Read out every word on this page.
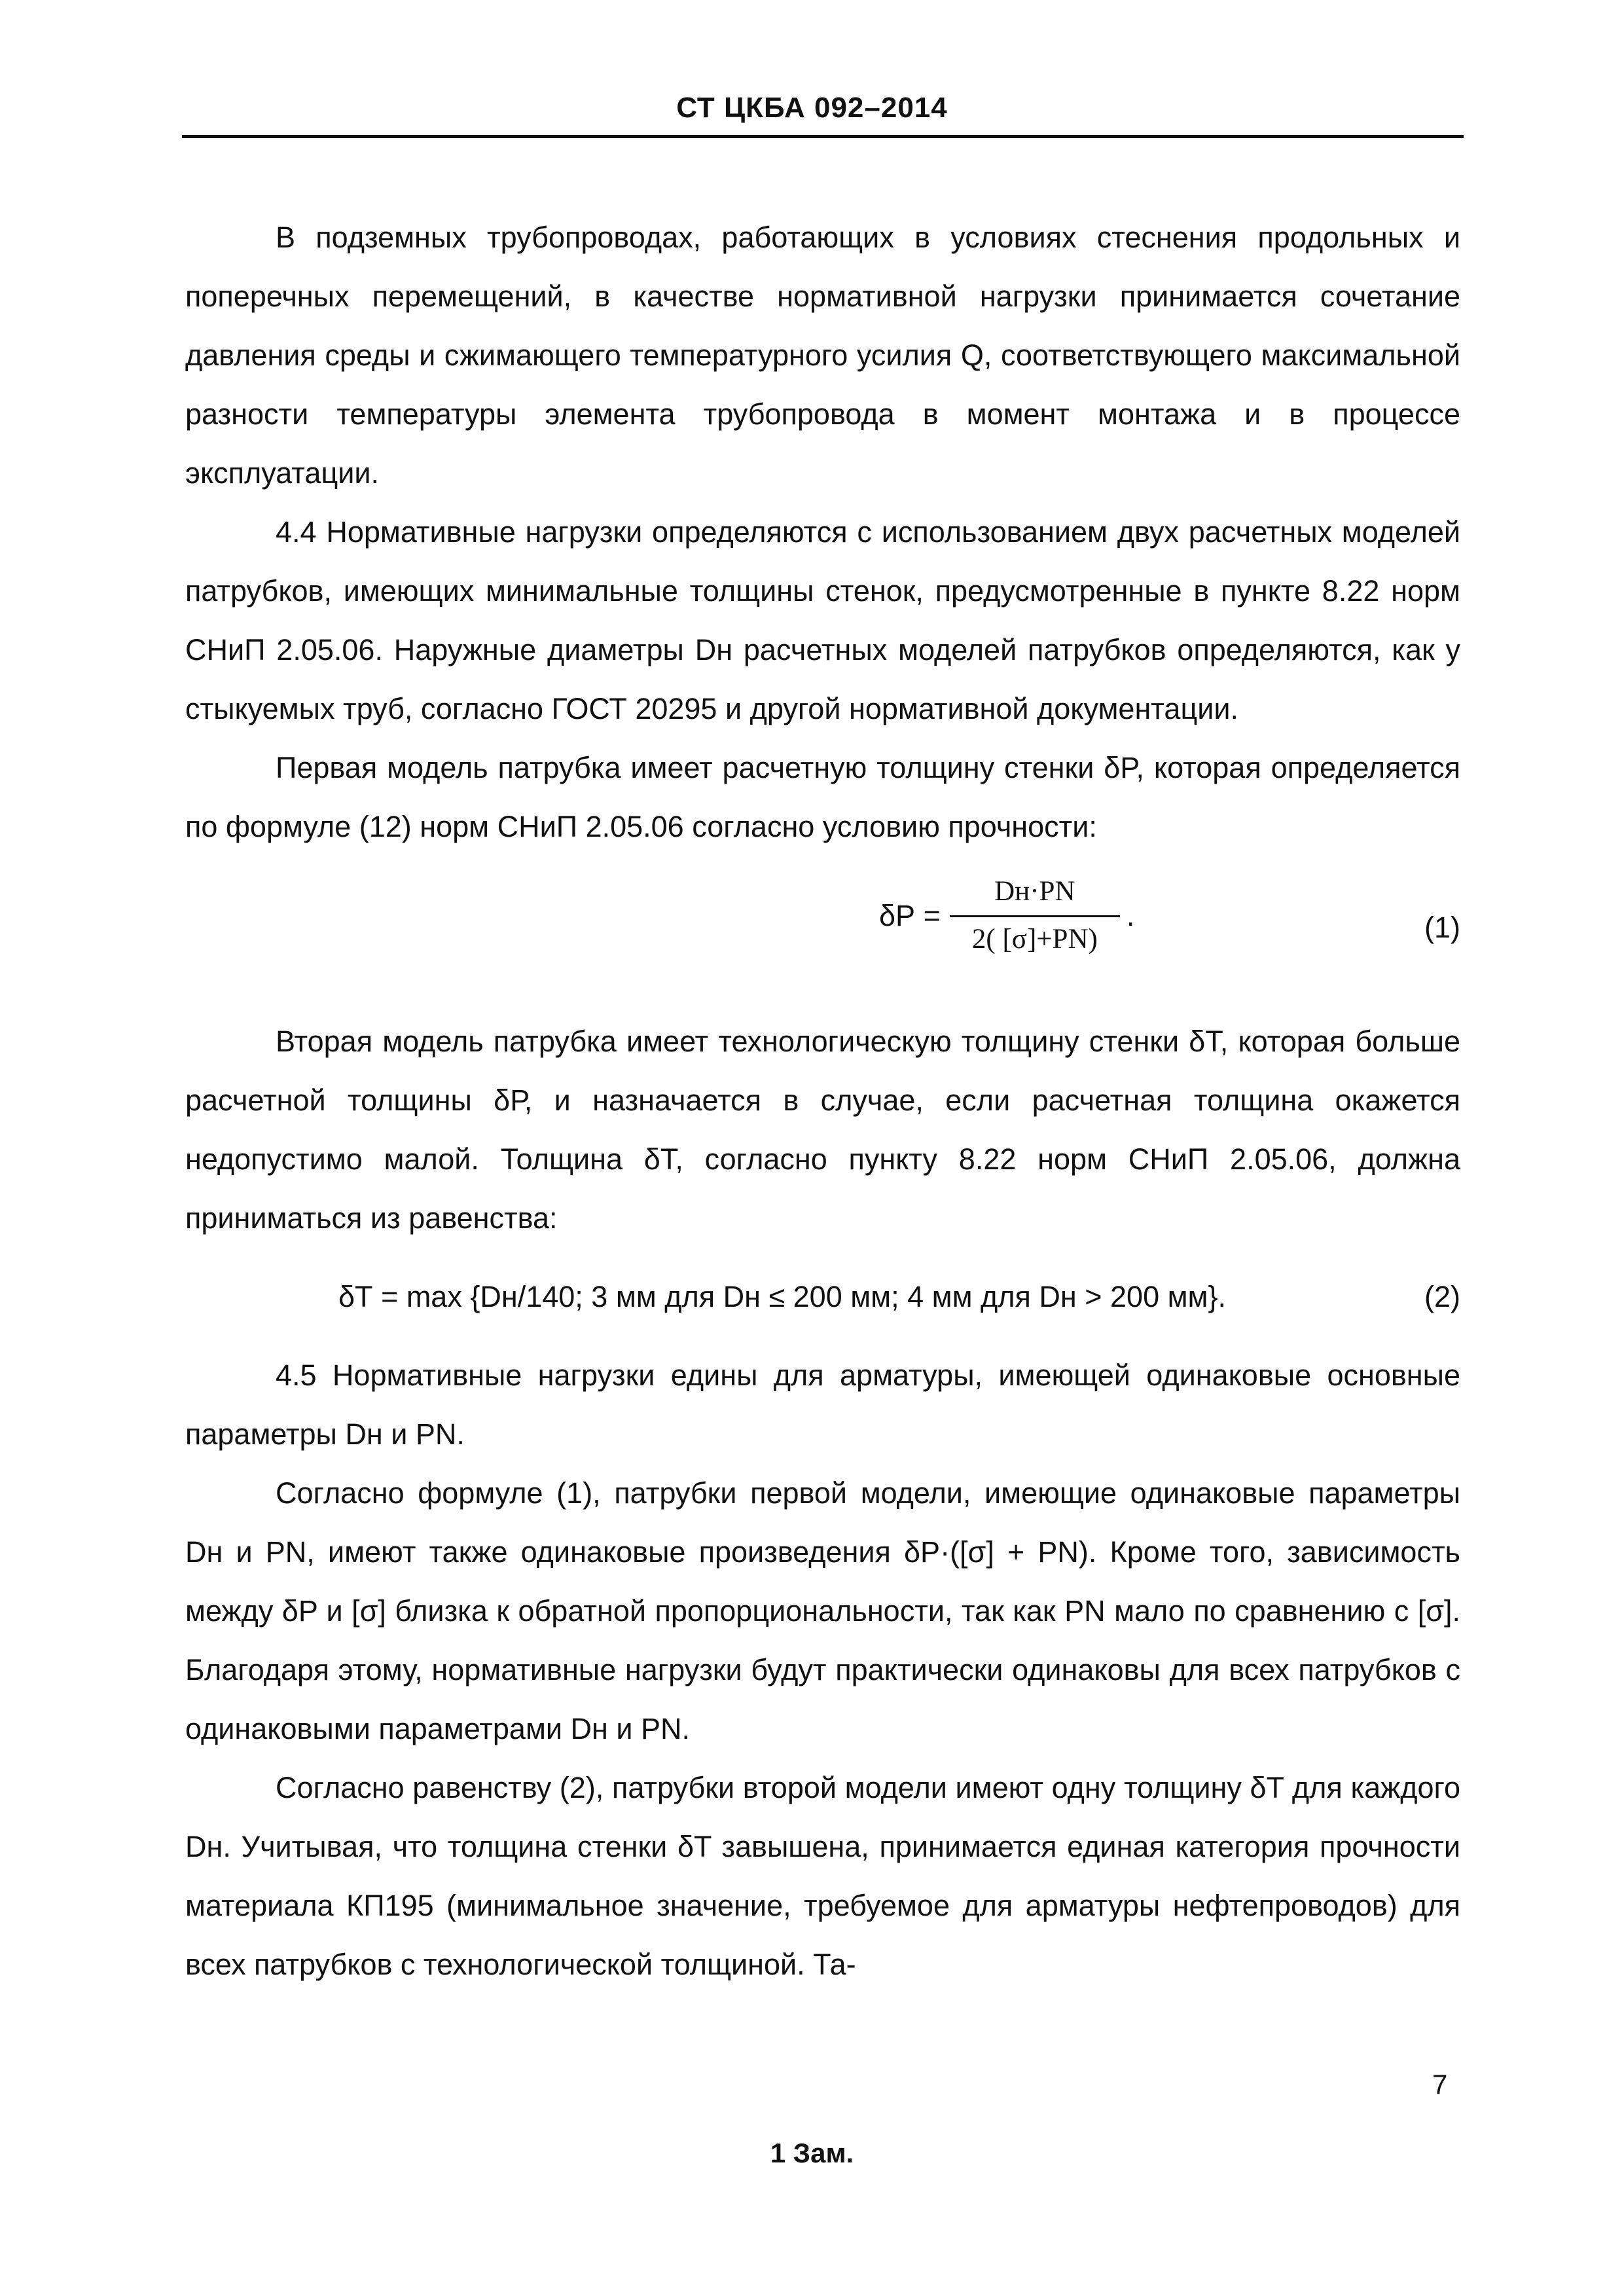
СТ ЦКБА 092–2014

В подземных трубопроводах, работающих в условиях стеснения продольных и поперечных перемещений, в качестве нормативной нагрузки принимается сочетание давления среды и сжимающего температурного усилия Q, соответствующего максимальной разности температуры элемента трубопровода в момент монтажа и в процессе эксплуатации.

4.4 Нормативные нагрузки определяются с использованием двух расчетных моделей патрубков, имеющих минимальные толщины стенок, предусмотренные в пункте 8.22 норм СНиП 2.05.06. Наружные диаметры Dн расчетных моделей патрубков определяются, как у стыкуемых труб, согласно ГОСТ 20295 и другой нормативной документации.

Первая модель патрубка имеет расчетную толщину стенки δP, которая определяется по формуле (12) норм СНиП 2.05.06 согласно условию прочности:

$\delta Р = \frac{Dн\cdot PN}{2( [\sigma]+PN)}$ .	(1)

Вторая модель патрубка имеет технологическую толщину стенки δT, которая больше расчетной толщины δР, и назначается в случае, если расчетная толщина окажется недопустимо малой. Толщина δT, согласно пункту 8.22 норм СНиП 2.05.06, должна приниматься из равенства:

δТ = max {Dн/140; 3 мм для Dн ≤ 200 мм; 4 мм для Dн > 200 мм}.	(2)

4.5 Нормативные нагрузки едины для арматуры, имеющей одинаковые основные параметры Dн и PN.

Согласно формуле (1), патрубки первой модели, имеющие одинаковые параметры Dн и PN, имеют также одинаковые произведения δP·([σ] + PN). Кроме того, зависимость между δP и [σ] близка к обратной пропорциональности, так как PN мало по сравнению с [σ]. Благодаря этому, нормативные нагрузки будут практически одинаковы для всех патрубков с одинаковыми параметрами Dн и PN.

Согласно равенству (2), патрубки второй модели имеют одну толщину δT для каждого Dн. Учитывая, что толщина стенки δT завышена, принимается единая категория прочности материала КП195 (минимальное значение, требуемое для арматуры нефтепроводов) для всех патрубков с технологической толщиной. Та-

7
1 Зам.
